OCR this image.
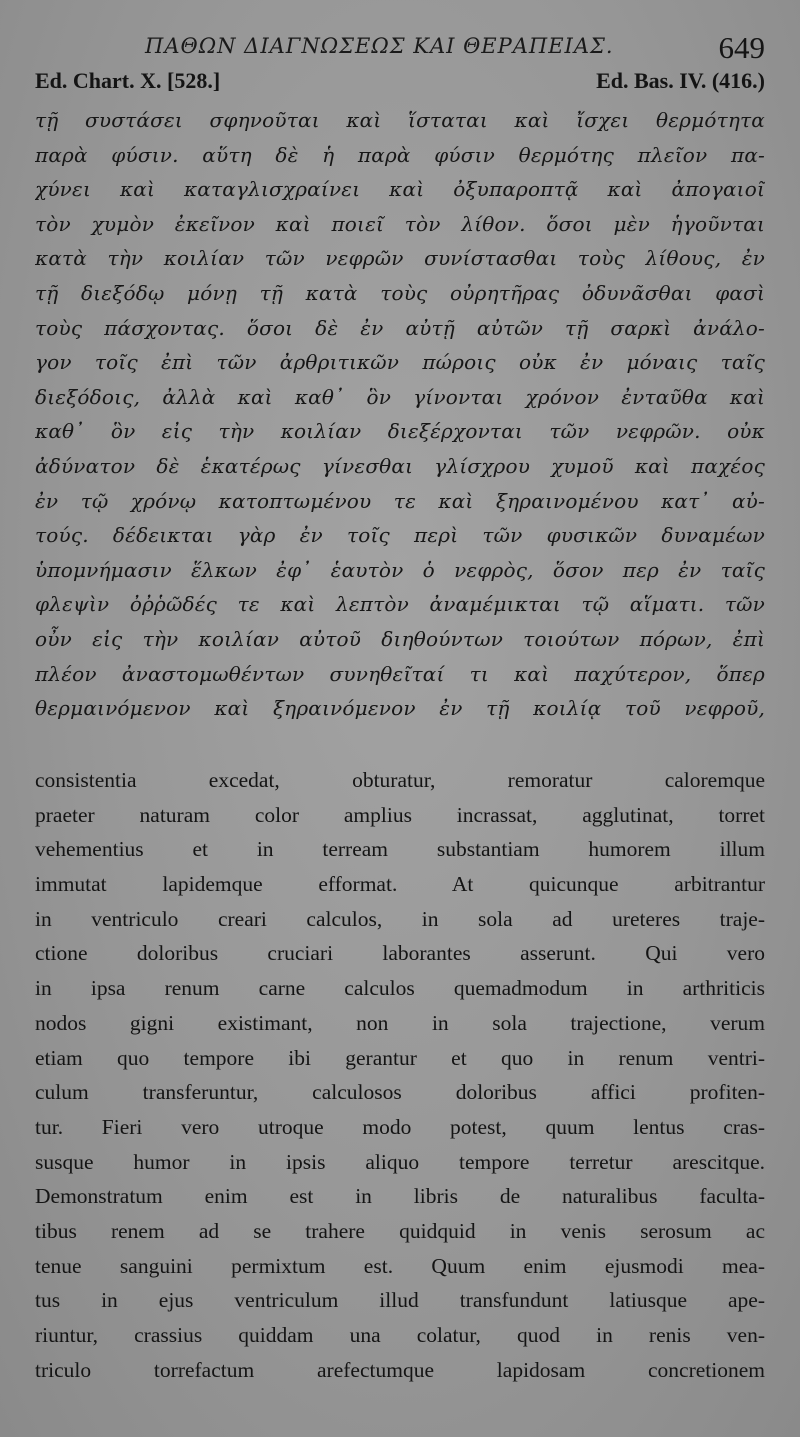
ΠΑΘΩΝ ΔΙΑΓΝΩΣΕΩΣ ΚΑΙ ΘΕΡΑΠΕΙΑΣ.	649
Ed. Chart. X. [528.]	Ed. Bas. IV. (416.)
τῇ συστάσει σφηνοῦται καὶ ἵσταται καὶ ἴσχει θερμότητα
παρὰ φύσιν. αὕτη δὲ ἡ παρὰ φύσιν θερμότης πλεῖον πα-
χύνει καὶ καταγλισχραίνει καὶ ὀξυπαροπτᾷ καὶ ἀπογαιοῖ
τὸν χυμὸν ἐκεῖνον καὶ ποιεῖ τὸν λίθον. ὅσοι μὲν ἡγοῦνται
κατὰ τὴν κοιλίαν τῶν νεφρῶν συνίστασθαι τοὺς λίθους, ἐν
τῇ διεξόδῳ μόνῃ τῇ κατὰ τοὺς οὐρητῆρας ὀδυνᾶσθαι φασὶ
τοὺς πάσχοντας. ὅσοι δὲ ἐν αὐτῇ αὐτῶν τῇ σαρκὶ ἀνάλο-
γον τοῖς ἐπὶ τῶν ἀρθριτικῶν πώροις οὐκ ἐν μόναις ταῖς
διεξόδοις, ἀλλὰ καὶ καθ᾽ ὃν γίνονται χρόνον ἐνταῦθα καὶ
καθ᾽ ὃν εἰς τὴν κοιλίαν διεξέρχονται τῶν νεφρῶν. οὐκ
ἀδύνατον δὲ ἑκατέρως γίνεσθαι γλίσχρου χυμοῦ καὶ παχέος
ἐν τῷ χρόνῳ κατοπτωμένου τε καὶ ξηραινομένου κατ᾽ αὐ-
τούς. δέδεικται γὰρ ἐν τοῖς περὶ τῶν φυσικῶν δυναμέων
ὑπομνήμασιν ἕλκων ἐφ᾽ ἑαυτὸν ὁ νεφρὸς, ὅσον περ ἐν ταῖς
φλεψὶν ὀῤῥῶδές τε καὶ λεπτὸν ἀναμέμικται τῷ αἵματι. τῶν
οὖν εἰς τὴν κοιλίαν αὐτοῦ διηθούντων τοιούτων πόρων, ἐπὶ
πλέον ἀναστομωθέντων συνηθεῖταί τι καὶ παχύτερον, ὅπερ
θερμαινόμενον καὶ ξηραινόμενον ἐν τῇ κοιλίᾳ τοῦ νεφροῦ,
consistentia excedat, obturatur, remoratur caloremque
praeter naturam color amplius incrassat, agglutinat, torret
vehementius et in terream substantiam humorem illum
immutat lapidemque efformat. At quicunque arbitrantur
in ventriculo creari calculos, in sola ad ureteres traje-
ctione doloribus cruciari laborantes asserunt. Qui vero
in ipsa renum carne calculos quemadmodum in arthriticis
nodos gigni existimant, non in sola trajectione, verum
etiam quo tempore ibi gerantur et quo in renum ventri-
culum transferuntur, calculosos doloribus affici profiten-
tur. Fieri vero utroque modo potest, quum lentus cras-
susque humor in ipsis aliquo tempore terretur arescitque.
Demonstratum enim est in libris de naturalibus faculta-
tibus renem ad se trahere quidquid in venis serosum ac
tenue sanguini permixtum est. Quum enim ejusmodi mea-
tus in ejus ventriculum illud transfundunt latiusque ape-
riuntur, crassius quiddam una colatur, quod in renis ven-
triculo torrefactum arefectumque lapidosam concretionem
